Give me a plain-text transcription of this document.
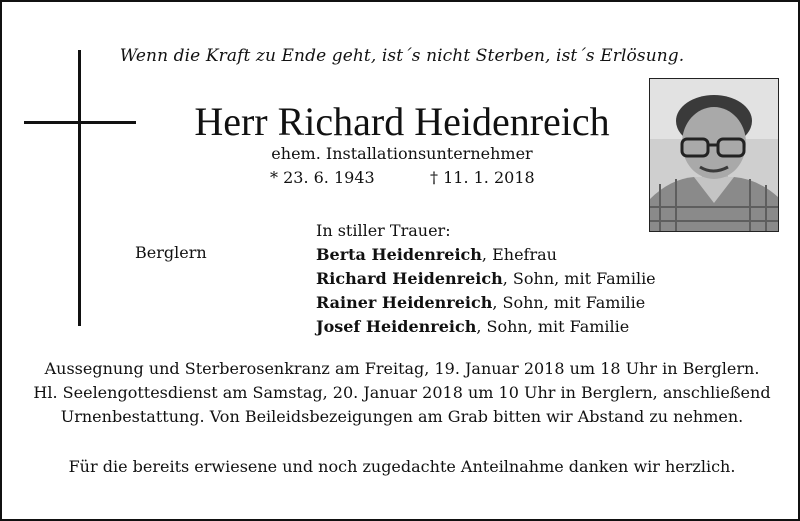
Wenn die Kraft zu Ende geht, ist´s nicht Sterben, ist´s Erlösung.
Herr Richard Heidenreich
ehem. Installationsunternehmer
* 23. 6. 1943	† 11. 1. 2018
Berglern
In stiller Trauer:
Berta Heidenreich, Ehefrau
Richard Heidenreich, Sohn, mit Familie
Rainer Heidenreich, Sohn, mit Familie
Josef Heidenreich, Sohn, mit Familie
Aussegnung und Sterberosenkranz am Freitag, 19. Januar 2018 um 18 Uhr in Berglern.
Hl. Seelengottesdienst am Samstag, 20. Januar 2018 um 10 Uhr in Berglern, anschließend
Urnenbestattung. Von Beileidsbezeigungen am Grab bitten wir Abstand zu nehmen.
Für die bereits erwiesene und noch zugedachte Anteilnahme danken wir herzlich.
